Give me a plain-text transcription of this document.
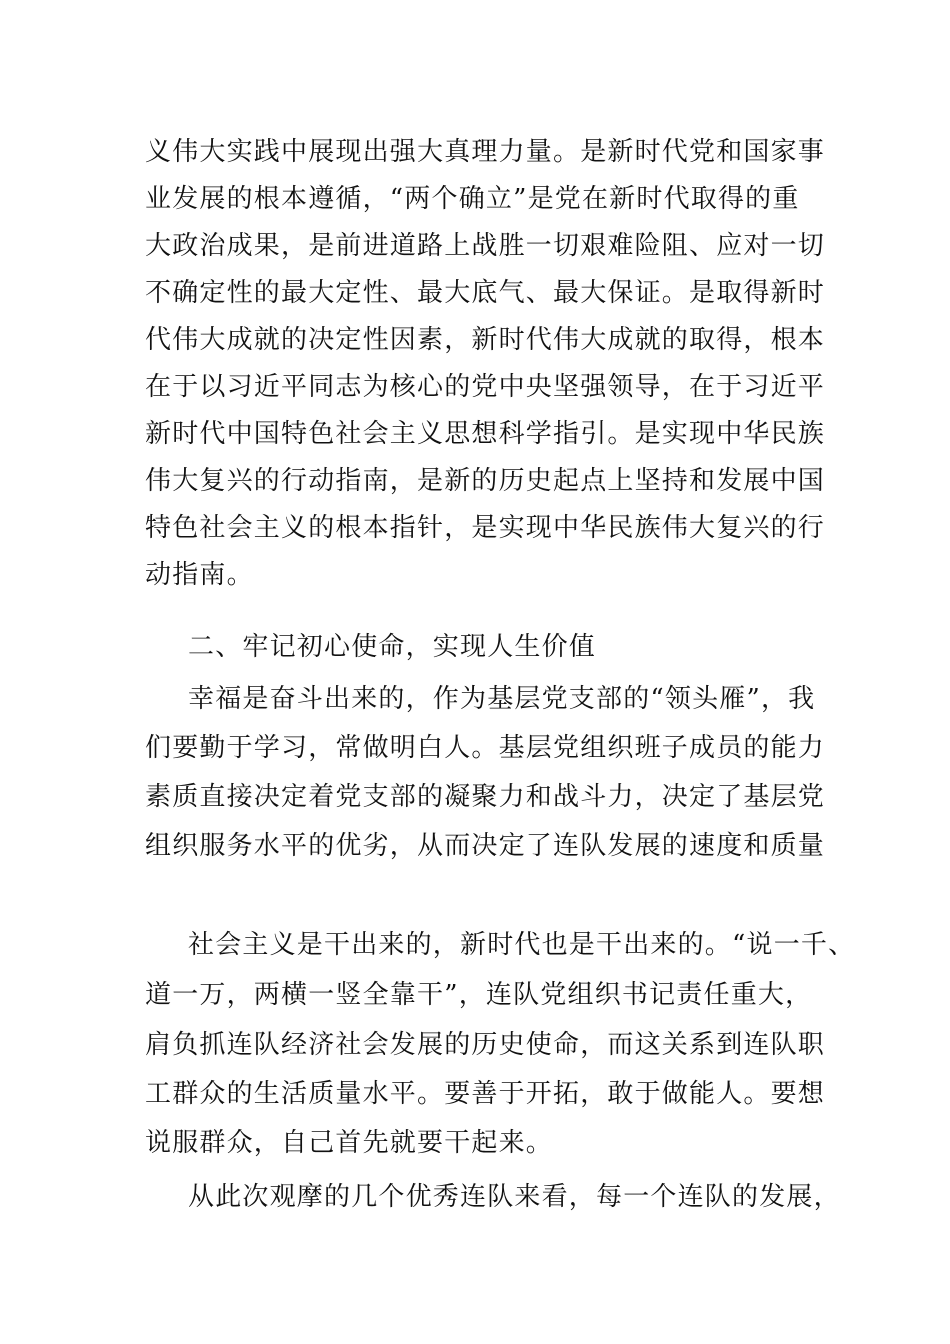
义伟大实践中展现出强大真理力量。是新时代党和国家事
业发展的根本遵循，“两个确立”是党在新时代取得的重
大政治成果，是前进道路上战胜一切艰难险阻、应对一切
不确定性的最大定性、最大底气、最大保证。是取得新时
代伟大成就的决定性因素，新时代伟大成就的取得，根本
在于以习近平同志为核心的党中央坚强领导，在于习近平
新时代中国特色社会主义思想科学指引。是实现中华民族
伟大复兴的行动指南，是新的历史起点上坚持和发展中国
特色社会主义的根本指针，是实现中华民族伟大复兴的行
动指南。
二、牢记初心使命，实现人生价值
幸福是奋斗出来的，作为基层党支部的“领头雁”，我
们要勤于学习，常做明白人。基层党组织班子成员的能力
素质直接决定着党支部的凝聚力和战斗力，决定了基层党
组织服务水平的优劣，从而决定了连队发展的速度和质量
社会主义是干出来的，新时代也是干出来的。“说一千、
道一万，两横一竖全靠干”，连队党组织书记责任重大，
肩负抓连队经济社会发展的历史使命，而这关系到连队职
工群众的生活质量水平。要善于开拓，敢于做能人。要想
说服群众，自己首先就要干起来。
从此次观摩的几个优秀连队来看，每一个连队的发展，
